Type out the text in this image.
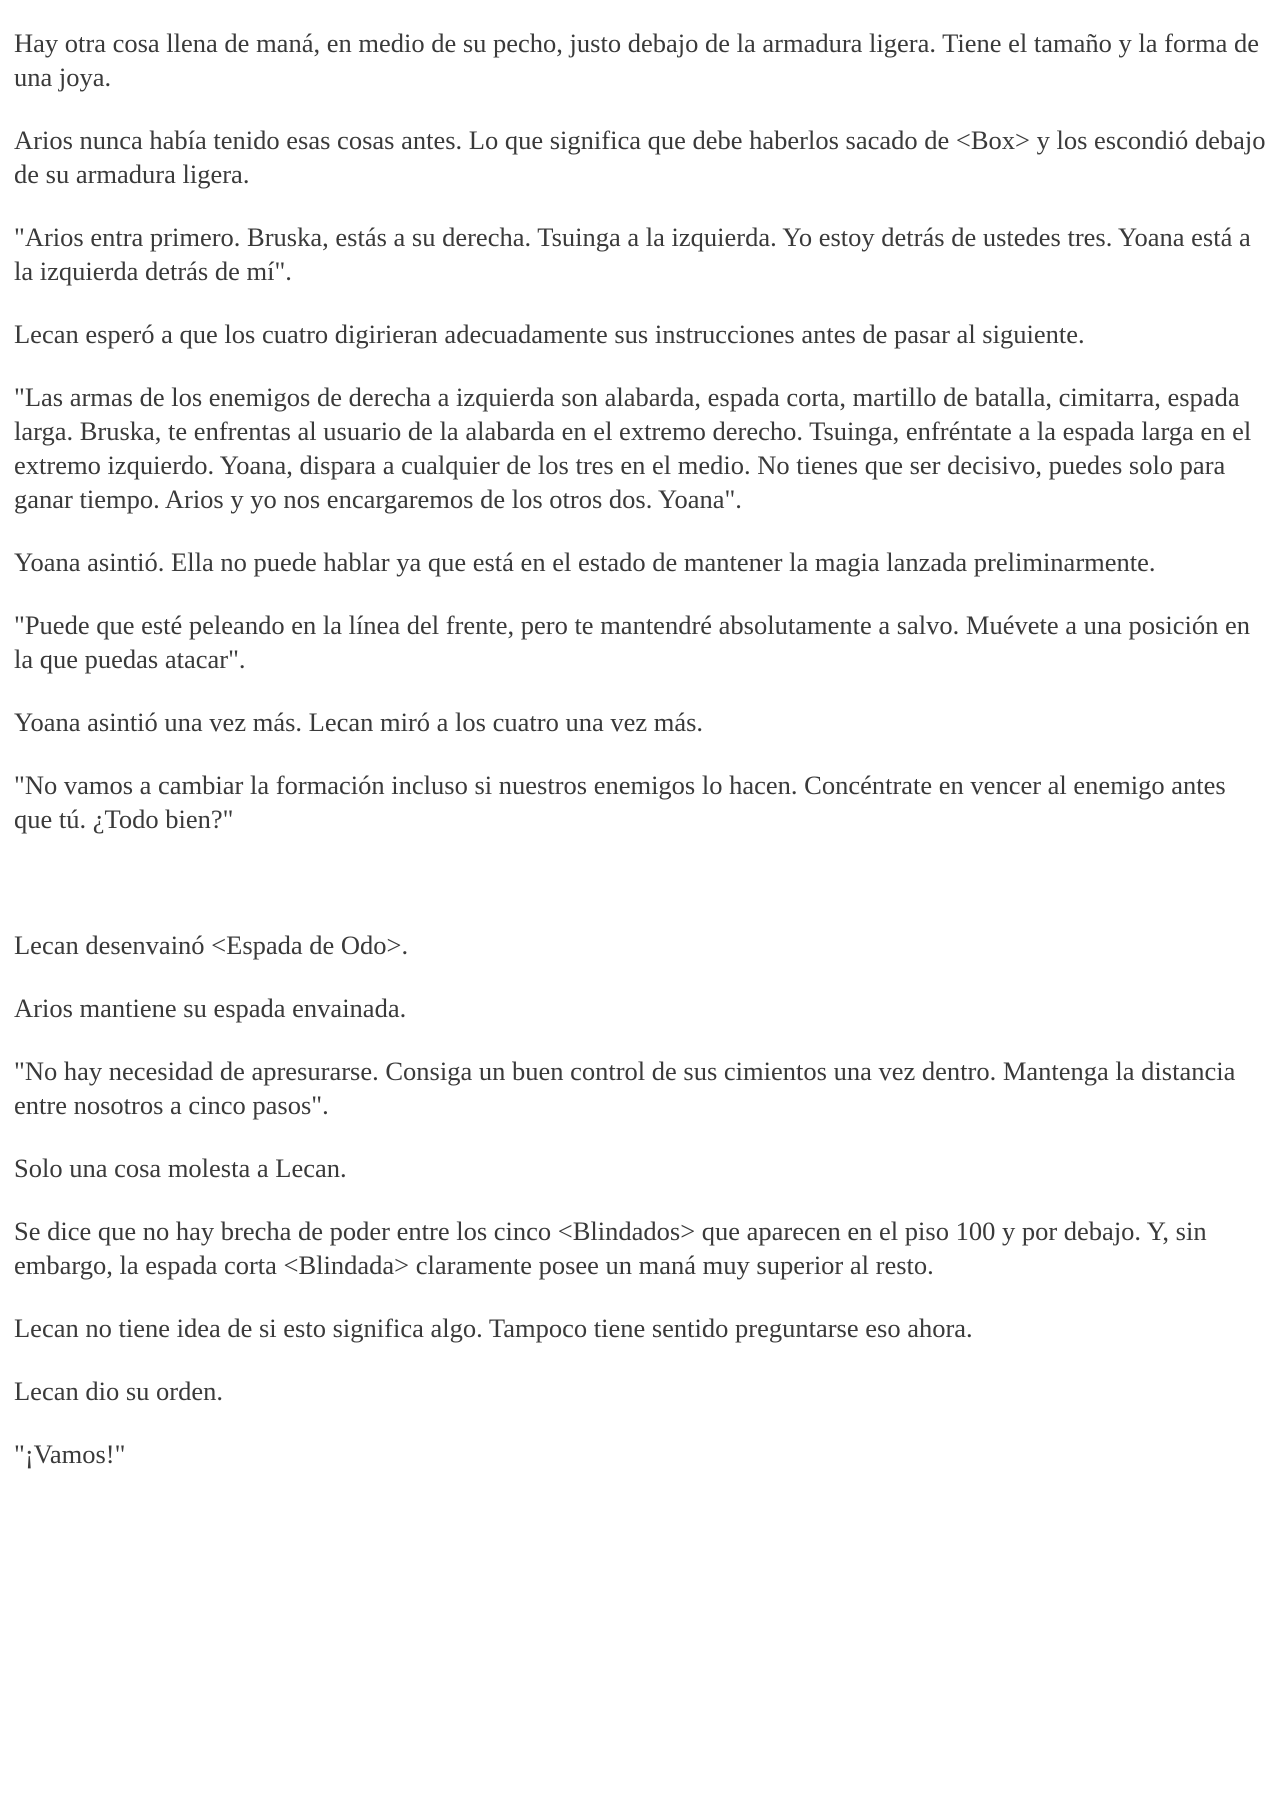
Hay otra cosa llena de maná, en medio de su pecho, justo debajo de la armadura ligera. Tiene el tamaño y la forma de una joya.

Arios nunca había tenido esas cosas antes. Lo que significa que debe haberlos sacado de <Box> y los escondió debajo de su armadura ligera.

"Arios entra primero. Bruska, estás a su derecha. Tsuinga a la izquierda. Yo estoy detrás de ustedes tres. Yoana está a la izquierda detrás de mí".

Lecan esperó a que los cuatro digirieran adecuadamente sus instrucciones antes de pasar al siguiente.

"Las armas de los enemigos de derecha a izquierda son alabarda, espada corta, martillo de batalla, cimitarra, espada larga. Bruska, te enfrentas al usuario de la alabarda en el extremo derecho. Tsuinga, enfréntate a la espada larga en el extremo izquierdo. Yoana, dispara a cualquier de los tres en el medio. No tienes que ser decisivo, puedes solo para ganar tiempo. Arios y yo nos encargaremos de los otros dos. Yoana".

Yoana asintió. Ella no puede hablar ya que está en el estado de mantener la magia lanzada preliminarmente.

"Puede que esté peleando en la línea del frente, pero te mantendré absolutamente a salvo. Muévete a una posición en la que puedas atacar".

Yoana asintió una vez más. Lecan miró a los cuatro una vez más.

"No vamos a cambiar la formación incluso si nuestros enemigos lo hacen. Concéntrate en vencer al enemigo antes que tú. ¿Todo bien?"

Lecan desenvainó <Espada de Odo>.

Arios mantiene su espada envainada.

"No hay necesidad de apresurarse. Consiga un buen control de sus cimientos una vez dentro. Mantenga la distancia entre nosotros a cinco pasos".

Solo una cosa molesta a Lecan.

Se dice que no hay brecha de poder entre los cinco <Blindados> que aparecen en el piso 100 y por debajo. Y, sin embargo, la espada corta <Blindada> claramente posee un maná muy superior al resto.

Lecan no tiene idea de si esto significa algo. Tampoco tiene sentido preguntarse eso ahora.

Lecan dio su orden.

"¡Vamos!"
